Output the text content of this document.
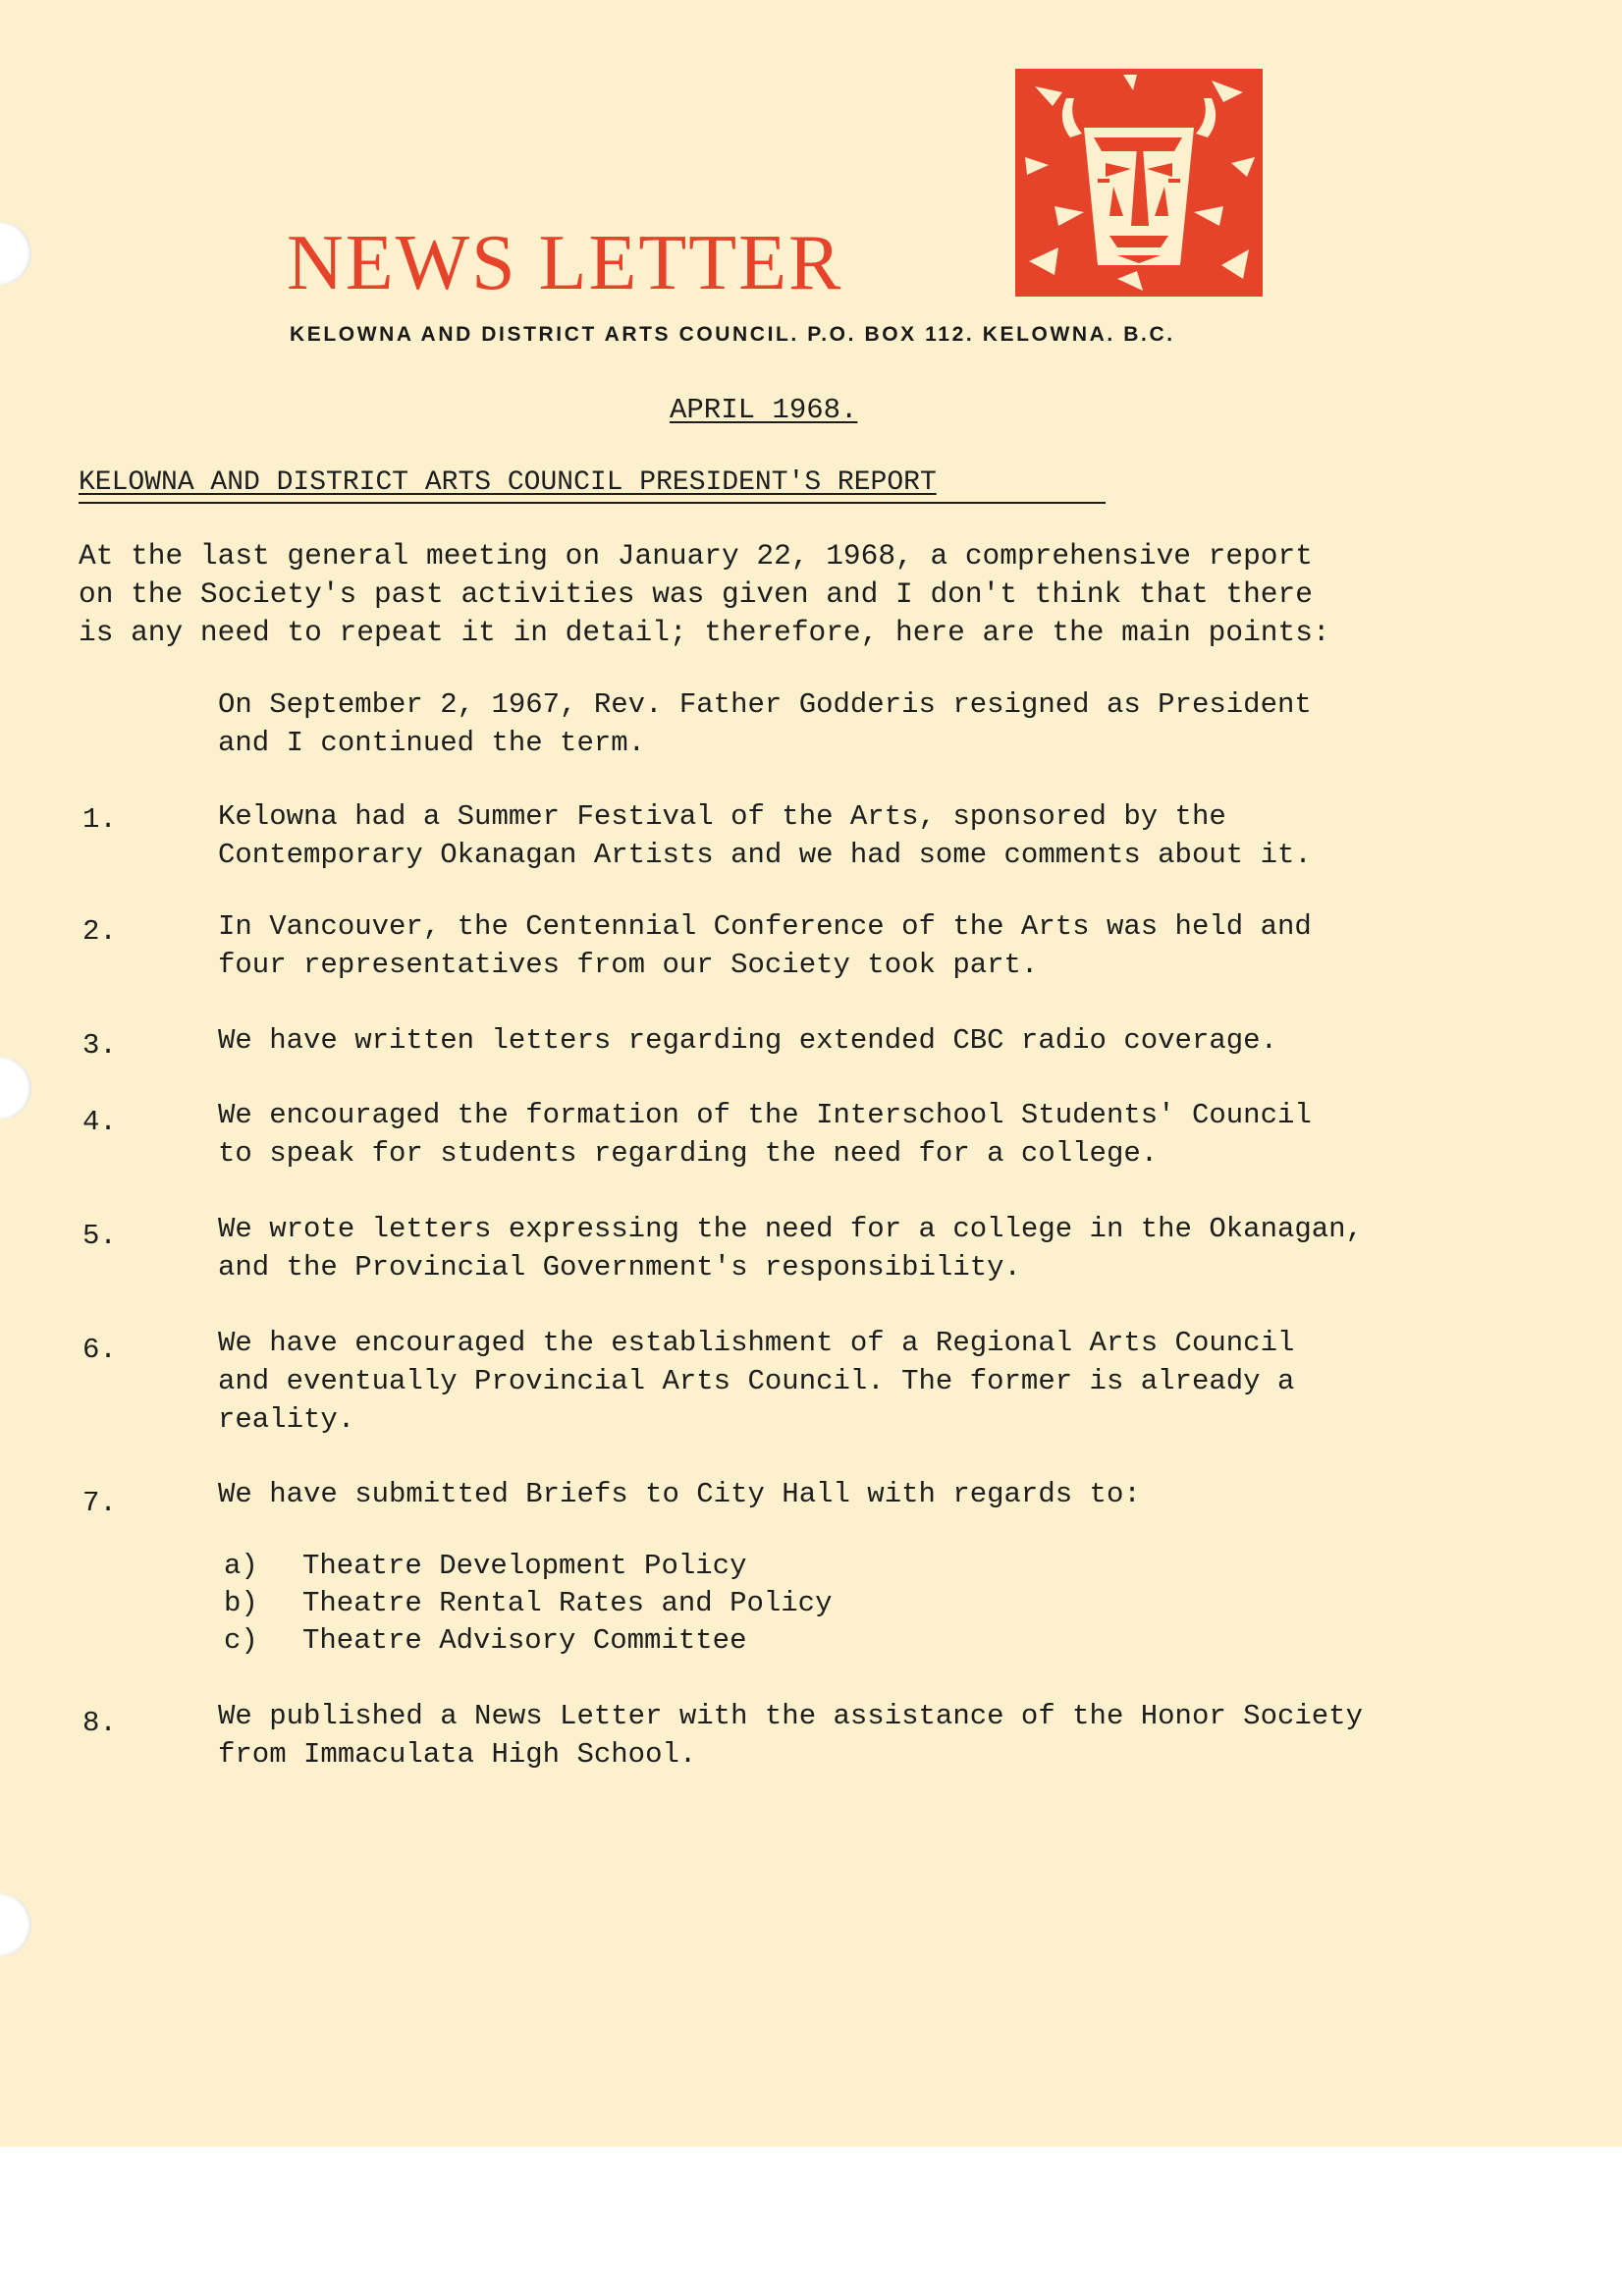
NEWS LETTER
KELOWNA AND DISTRICT ARTS COUNCIL. P.O. BOX 112. KELOWNA. B.C.
APRIL 1968.
KELOWNA AND DISTRICT ARTS COUNCIL PRESIDENT'S REPORT
At the last general meeting on January 22, 1968, a comprehensive report
on the Society's past activities was given and I don't think that there
is any need to repeat it in detail; therefore, here are the main points:
On September 2, 1967, Rev. Father Godderis resigned as President
and I continued the term.
1.	Kelowna had a Summer Festival of the Arts, sponsored by the
Contemporary Okanagan Artists and we had some comments about it.
2.	In Vancouver, the Centennial Conference of the Arts was held and
four representatives from our Society took part.
3.	We have written letters regarding extended CBC radio coverage.
4.	We encouraged the formation of the Interschool Students' Council
to speak for students regarding the need for a college.
5.	We wrote letters expressing the need for a college in the Okanagan,
and the Provincial Government's responsibility.
6.	We have encouraged the establishment of a Regional Arts Council
and eventually Provincial Arts Council. The former is already a
reality.
7.	We have submitted Briefs to City Hall with regards to:
a) Theatre Development Policy
b) Theatre Rental Rates and Policy
c) Theatre Advisory Committee
8.	We published a News Letter with the assistance of the Honor Society
from Immaculata High School.
